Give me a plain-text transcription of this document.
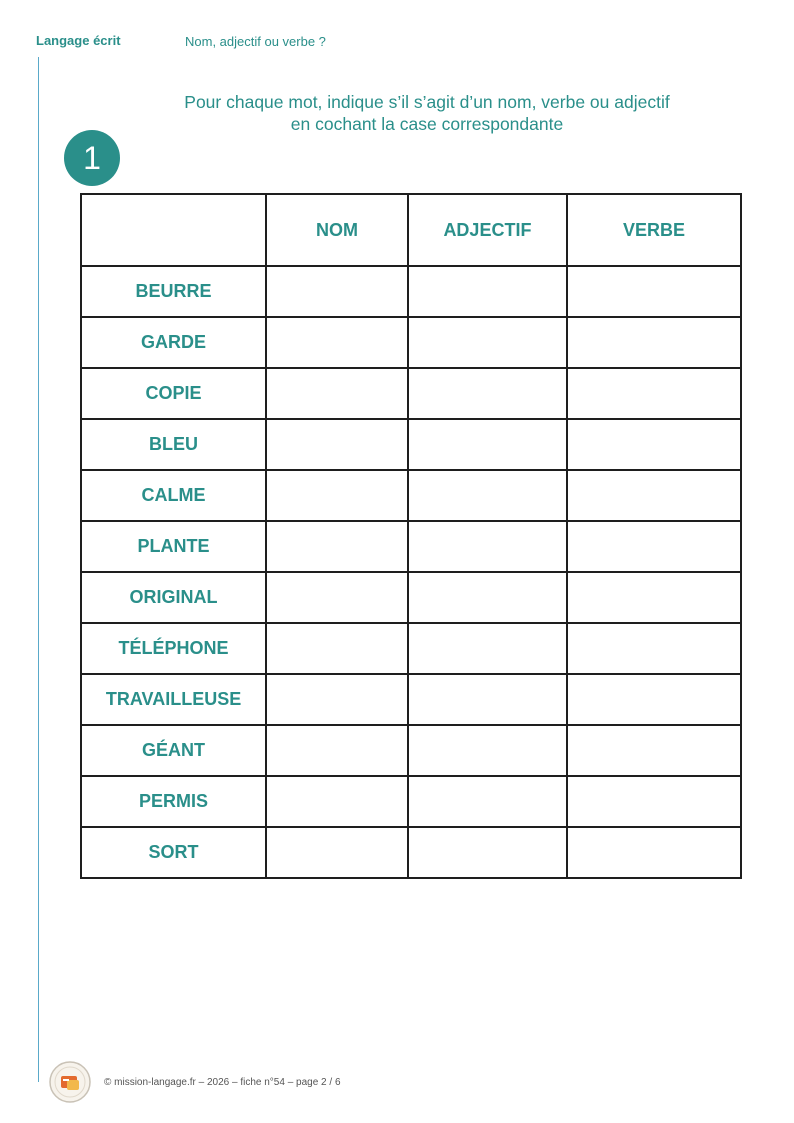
Langage écrit	Nom, adjectif ou verbe ?
Pour chaque mot, indique s’il s’agit d’un nom, verbe ou adjectif
en cochant la case correspondante
1
	NOM	ADJECTIF	VERBE
BEURRE			
GARDE			
COPIE			
BLEU			
CALME			
PLANTE			
ORIGINAL			
TÉLÉPHONE			
TRAVAILLEUSE			
GÉANT			
PERMIS			
SORT			
© mission-langage.fr – 2026 – fiche n°54 – page 2 / 6
